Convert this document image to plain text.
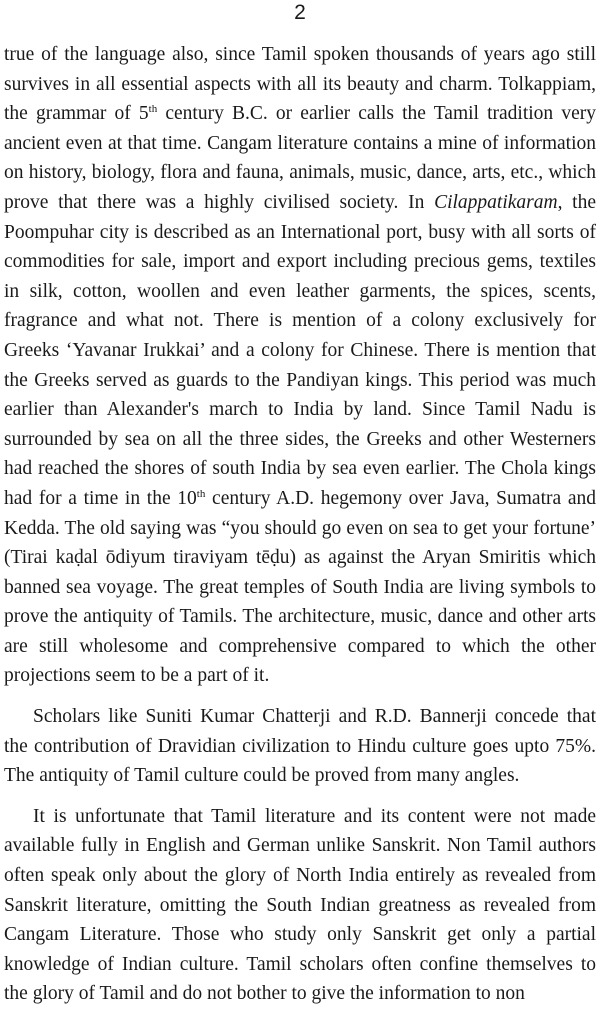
2

true of the language also, since Tamil spoken thousands of years ago still survives in all essential aspects with all its beauty and charm. Tolkappiam, the grammar of 5th century B.C. or earlier calls the Tamil tradition very ancient even at that time. Cangam literature contains a mine of information on history, biology, flora and fauna, animals, music, dance, arts, etc., which prove that there was a highly civilised society. In Cilappatikaram, the Poompuhar city is described as an International port, busy with all sorts of commodities for sale, import and export including precious gems, textiles in silk, cotton, woollen and even leather garments, the spices, scents, fragrance and what not. There is mention of a colony exclusively for Greeks ‘Yavanar Irukkai’ and a colony for Chinese. There is mention that the Greeks served as guards to the Pandiyan kings. This period was much earlier than Alexander's march to India by land. Since Tamil Nadu is surrounded by sea on all the three sides, the Greeks and other Westerners had reached the shores of south India by sea even earlier. The Chola kings had for a time in the 10th century A.D. hegemony over Java, Sumatra and Kedda. The old saying was “you should go even on sea to get your fortune’ (Tirai kaḍal ōdiyum tiraviyam tēḍu) as against the Aryan Smiritis which banned sea voyage. The great temples of South India are living symbols to prove the antiquity of Tamils. The architecture, music, dance and other arts are still wholesome and comprehensive compared to which the other projections seem to be a part of it.

Scholars like Suniti Kumar Chatterji and R.D. Bannerji concede that the contribution of Dravidian civilization to Hindu culture goes upto 75%. The antiquity of Tamil culture could be proved from many angles.

It is unfortunate that Tamil literature and its content were not made available fully in English and German unlike Sanskrit. Non Tamil authors often speak only about the glory of North India entirely as revealed from Sanskrit literature, omitting the South Indian greatness as revealed from Cangam Literature. Those who study only Sanskrit get only a partial knowledge of Indian culture. Tamil scholars often confine themselves to the glory of Tamil and do not bother to give the information to non
